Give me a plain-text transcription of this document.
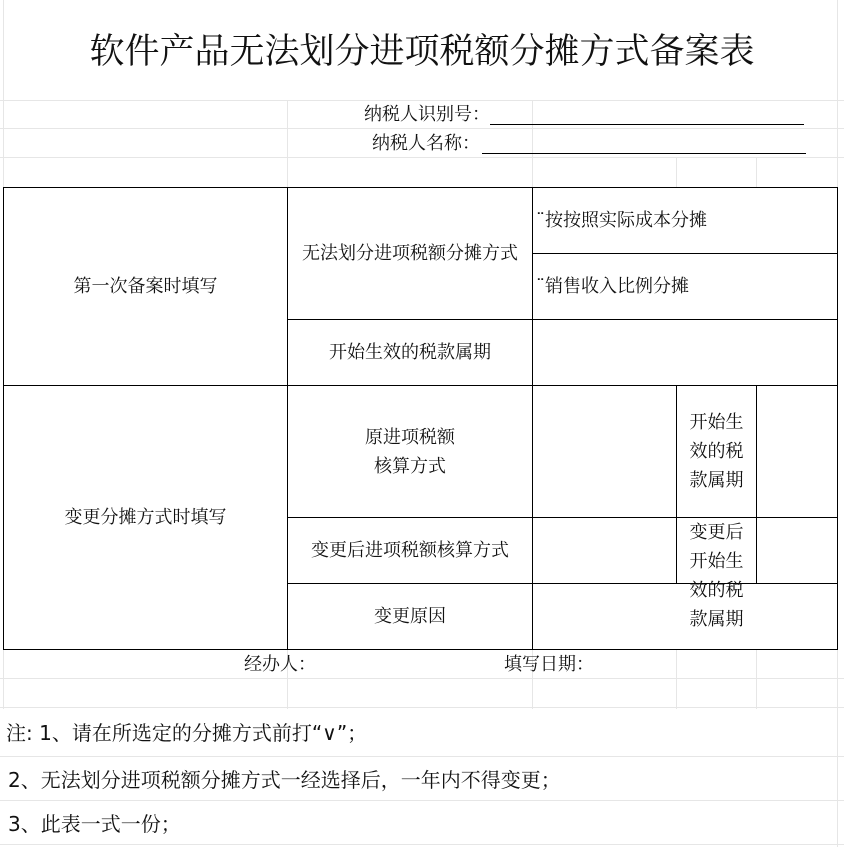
软件产品无法划分进项税额分摊方式备案表
纳税人识别号：
纳税人名称：
第一次备案时填写
无法划分进项税额分摊方式
¨按按照实际成本分摊
¨销售收入比例分摊
开始生效的税款属期
变更分摊方式时填写
原进项税额
核算方式
开始生效的税款属期
变更后进项税额核算方式
变更后开始生效的税款属期
变更原因
经办人：	填写日期：
注: 1、请在所选定的分摊方式前打“∨”；
2、无法划分进项税额分摊方式一经选择后，一年内不得变更；
3、此表一式一份；
